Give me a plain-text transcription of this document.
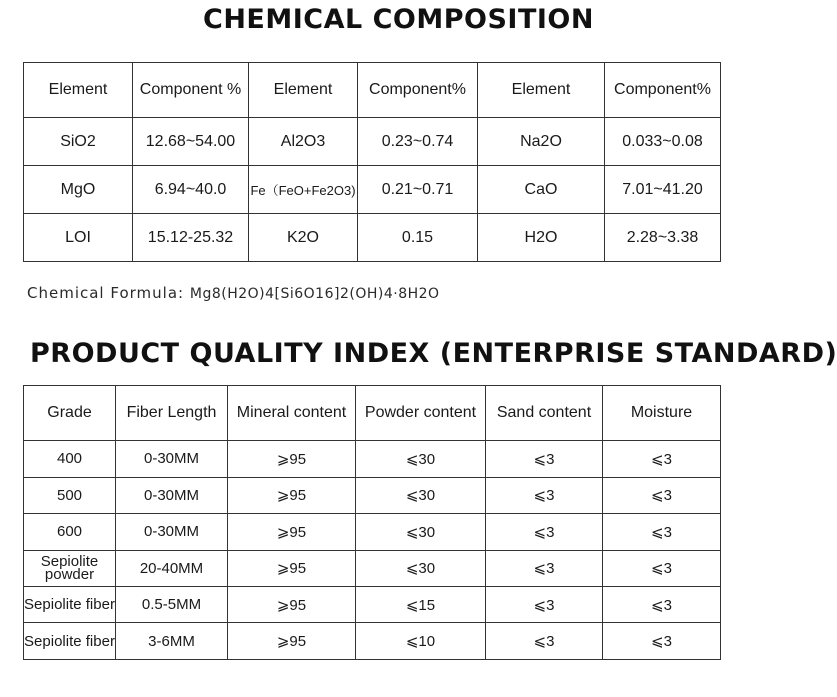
CHEMICAL COMPOSITION
Element	Component %	Element	Component%	Element	Component%
SiO2	12.68~54.00	Al2O3	0.23~0.74	Na2O	0.033~0.08
MgO	6.94~40.0	Fe（FeO+Fe2O3)	0.21~0.71	CaO	7.01~41.20
LOI	15.12-25.32	K2O	0.15	H2O	2.28~3.38

Chemical Formula: Mg8(H2O)4[Si6O16]2(OH)4·8H2O

PRODUCT QUALITY INDEX (ENTERPRISE STANDARD)
Grade	Fiber Length	Mineral content	Powder content	Sand content	Moisture
400	0-30MM	⩾95	⩽30	⩽3	⩽3
500	0-30MM	⩾95	⩽30	⩽3	⩽3
600	0-30MM	⩾95	⩽30	⩽3	⩽3
Sepiolite powder	20-40MM	⩾95	⩽30	⩽3	⩽3
Sepiolite fiber	0.5-5MM	⩾95	⩽15	⩽3	⩽3
Sepiolite fiber	3-6MM	⩾95	⩽10	⩽3	⩽3
